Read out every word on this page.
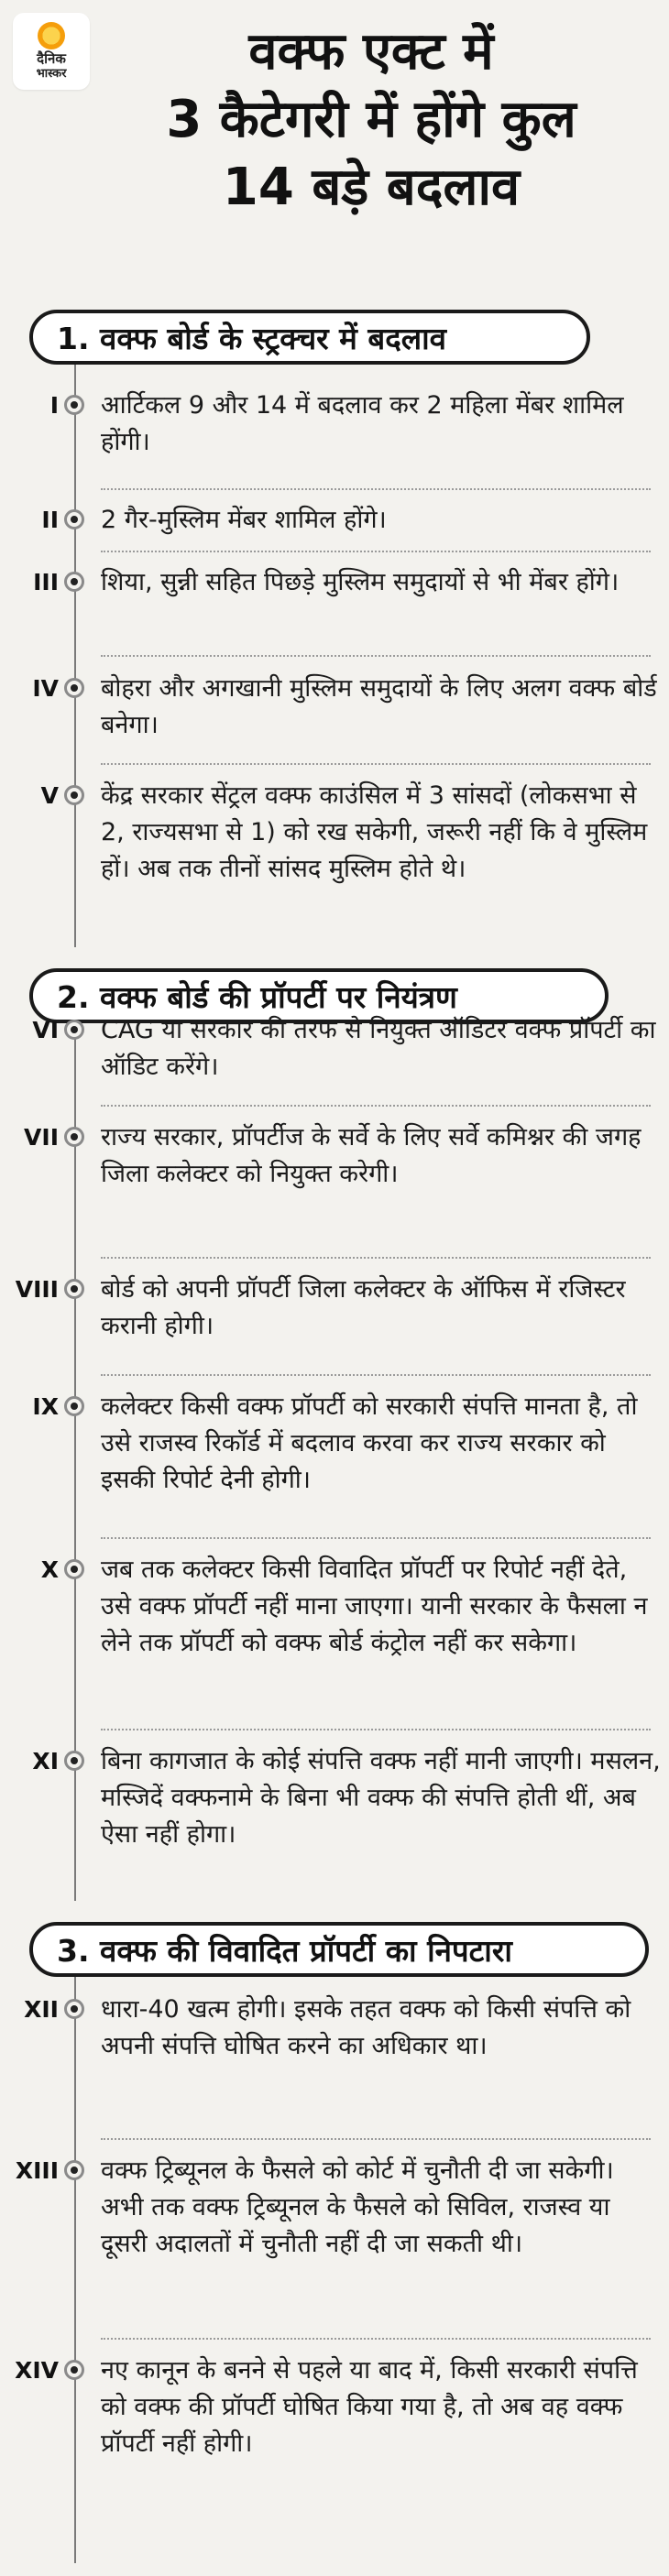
दैनिक
भास्कर	वक्फ एक्ट में
3 कैटेगरी में होंगे कुल
14 बड़े बदलाव
1. वक्फ बोर्ड के स्ट्रक्चर में बदलाव
I आर्टिकल 9 और 14 में बदलाव कर 2 महिला मेंबर शामिल होंगी।
II 2 गैर-मुस्लिम मेंबर शामिल होंगे।
III शिया, सुन्नी सहित पिछड़े मुस्लिम समुदायों से भी मेंबर होंगे।
IV बोहरा और अगखानी मुस्लिम समुदायों के लिए अलग वक्फ बोर्ड बनेगा।
V केंद्र सरकार सेंट्रल वक्फ काउंसिल में 3 सांसदों (लोकसभा से 2, राज्यसभा से 1) को रख सकेगी, जरूरी नहीं कि वे मुस्लिम हों। अब तक तीनों सांसद मुस्लिम होते थे।
2. वक्फ बोर्ड की प्रॉपर्टी पर नियंत्रण
VI CAG या सरकार की तरफ से नियुक्त ऑडिटर वक्फ प्रॉपर्टी का ऑडिट करेंगे।
VII राज्य सरकार, प्रॉपर्टीज के सर्वे के लिए सर्वे कमिश्नर की जगह जिला कलेक्टर को नियुक्त करेगी।
VIII बोर्ड को अपनी प्रॉपर्टी जिला कलेक्टर के ऑफिस में रजिस्टर करानी होगी।
IX कलेक्टर किसी वक्फ प्रॉपर्टी को सरकारी संपत्ति मानता है, तो उसे राजस्व रिकॉर्ड में बदलाव करवा कर राज्य सरकार को इसकी रिपोर्ट देनी होगी।
X जब तक कलेक्टर किसी विवादित प्रॉपर्टी पर रिपोर्ट नहीं देते, उसे वक्फ प्रॉपर्टी नहीं माना जाएगा। यानी सरकार के फैसला न लेने तक प्रॉपर्टी को वक्फ बोर्ड कंट्रोल नहीं कर सकेगा।
XI बिना कागजात के कोई संपत्ति वक्फ नहीं मानी जाएगी। मसलन, मस्जिदें वक्फनामे के बिना भी वक्फ की संपत्ति होती थीं, अब ऐसा नहीं होगा।
3. वक्फ की विवादित प्रॉपर्टी का निपटारा
XII धारा-40 खत्म होगी। इसके तहत वक्फ को किसी संपत्ति को अपनी संपत्ति घोषित करने का अधिकार था।
XIII वक्फ ट्रिब्यूनल के फैसले को कोर्ट में चुनौती दी जा सकेगी। अभी तक वक्फ ट्रिब्यूनल के फैसले को सिविल, राजस्व या दूसरी अदालतों में चुनौती नहीं दी जा सकती थी।
XIV नए कानून के बनने से पहले या बाद में, किसी सरकारी संपत्ति को वक्फ की प्रॉपर्टी घोषित किया गया है, तो अब वह वक्फ प्रॉपर्टी नहीं होगी।
